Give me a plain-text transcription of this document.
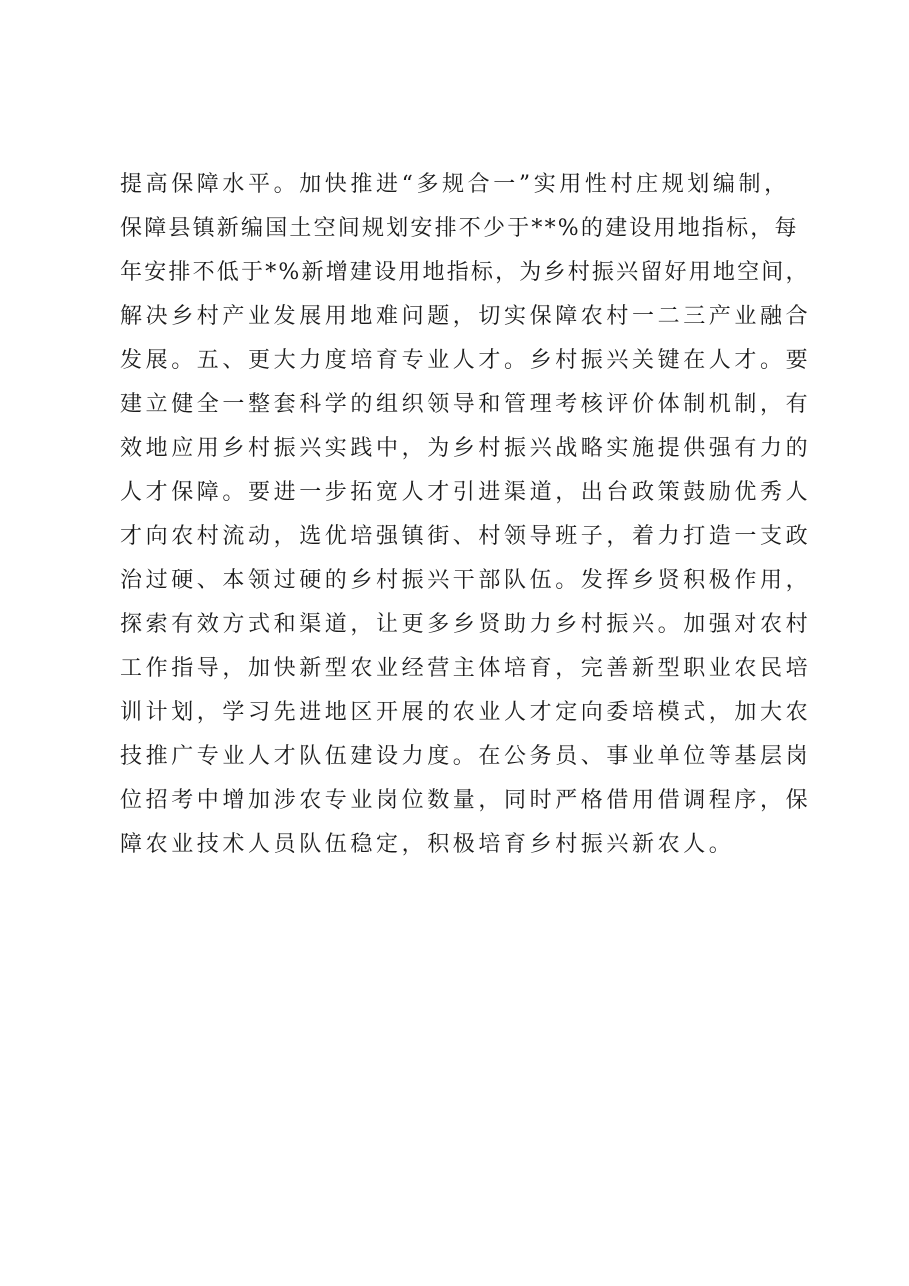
提高保障水平。加快推进“多规合一”实用性村庄规划编制，
保障县镇新编国土空间规划安排不少于**%的建设用地指标，每
年安排不低于*%新增建设用地指标，为乡村振兴留好用地空间，
解决乡村产业发展用地难问题，切实保障农村一二三产业融合
发展。五、更大力度培育专业人才。乡村振兴关键在人才。要
建立健全一整套科学的组织领导和管理考核评价体制机制，有
效地应用乡村振兴实践中，为乡村振兴战略实施提供强有力的
人才保障。要进一步拓宽人才引进渠道，出台政策鼓励优秀人
才向农村流动，选优培强镇街、村领导班子，着力打造一支政
治过硬、本领过硬的乡村振兴干部队伍。发挥乡贤积极作用，
探索有效方式和渠道，让更多乡贤助力乡村振兴。加强对农村
工作指导，加快新型农业经营主体培育，完善新型职业农民培
训计划，学习先进地区开展的农业人才定向委培模式，加大农
技推广专业人才队伍建设力度。在公务员、事业单位等基层岗
位招考中增加涉农专业岗位数量，同时严格借用借调程序，保
障农业技术人员队伍稳定，积极培育乡村振兴新农人。
